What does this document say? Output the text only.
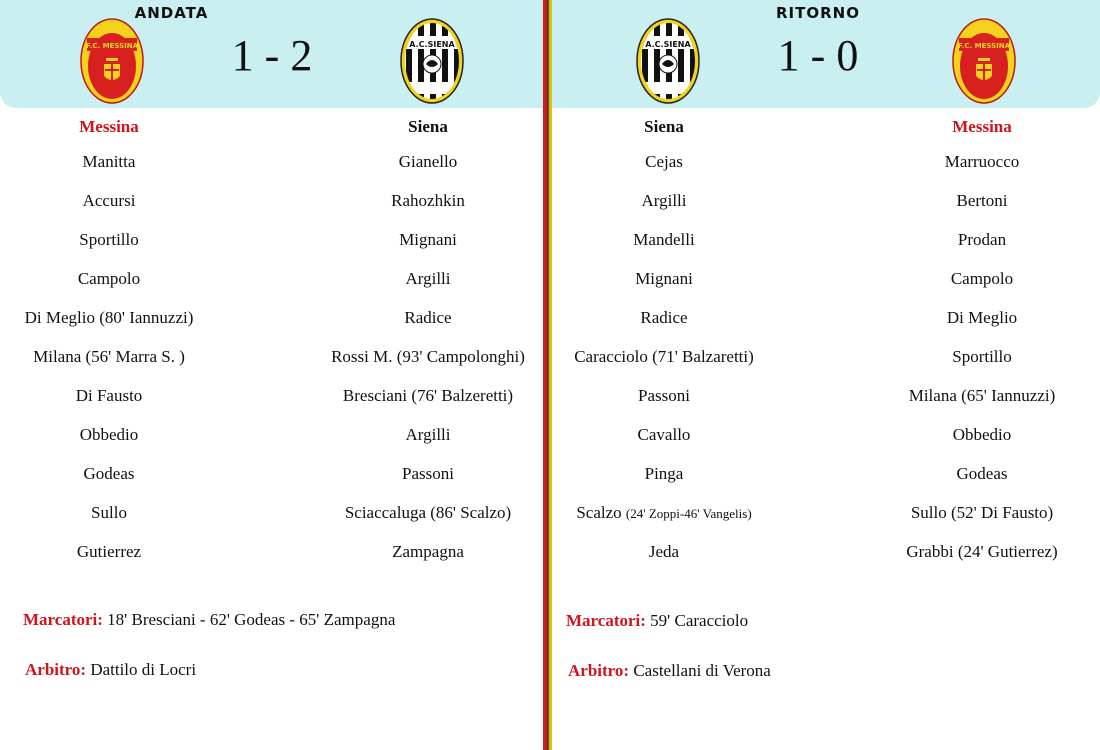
F.C. MESSINA
ANDATA
1 - 2	A.C.SIENA
Messina
Manitta
Accursi
Sportillo
Campolo
Di Meglio (80' Iannuzzi)
Milana (56' Marra S. )
Di Fausto
Obbedio
Godeas
Sullo
Gutierrez
Siena
Gianello
Rahozhkin
Mignani
Argilli
Radice
Rossi M. (93' Campolonghi)
Bresciani (76' Balzeretti)
Argilli
Passoni
Sciaccaluga (86' Scalzo)
Zampagna
Marcatori: 18' Bresciani - 62' Godeas - 65' Zampagna
Arbitro: Dattilo di Locri
A.C.SIENA
RITORNO
1 - 0	F.C. MESSINA
Siena
Cejas
Argilli
Mandelli
Mignani
Radice
Caracciolo (71' Balzaretti)
Passoni
Cavallo
Pinga
Scalzo (24' Zoppi-46' Vangelis)
Jeda
Messina
Marruocco
Bertoni
Prodan
Campolo
Di Meglio
Sportillo
Milana (65' Iannuzzi)
Obbedio
Godeas
Sullo (52' Di Fausto)
Grabbi (24' Gutierrez)
Marcatori: 59' Caracciolo
Arbitro: Castellani di Verona
